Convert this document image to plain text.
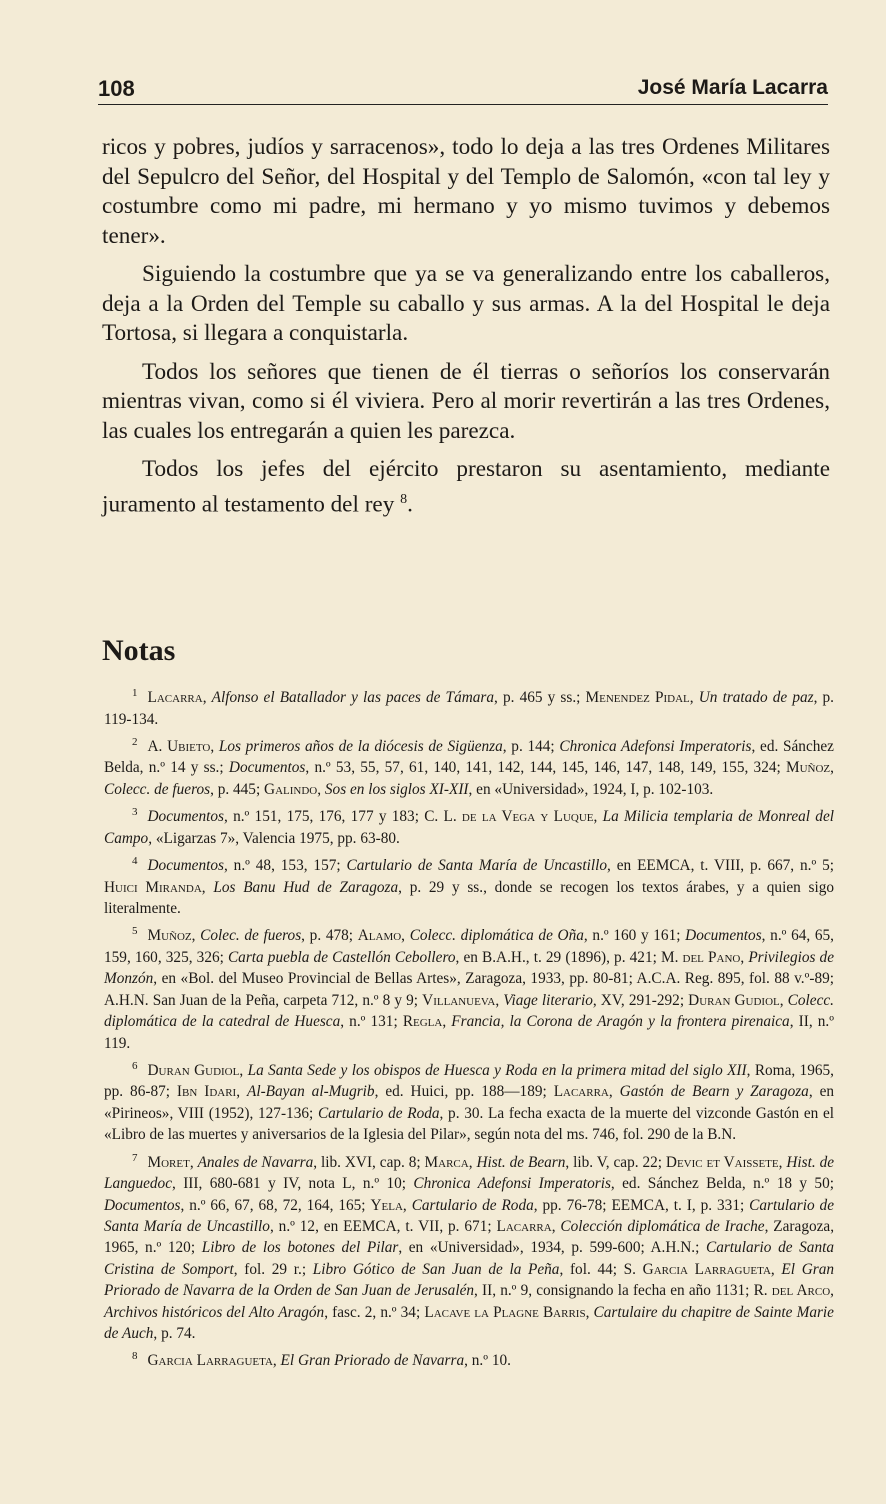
108	José María Lacarra

ricos y pobres, judíos y sarracenos», todo lo deja a las tres Ordenes Militares del Sepulcro del Señor, del Hospital y del Templo de Salomón, «con tal ley y costumbre como mi padre, mi hermano y yo mismo tuvimos y debemos tener».

Siguiendo la costumbre que ya se va generalizando entre los caballeros, deja a la Orden del Temple su caballo y sus armas. A la del Hospital le deja Tortosa, si llegara a conquistarla.

Todos los señores que tienen de él tierras o señoríos los conservarán mientras vivan, como si él viviera. Pero al morir revertirán a las tres Ordenes, las cuales los entregarán a quien les parezca.

Todos los jefes del ejército prestaron su asentamiento, mediante juramento al testamento del rey $^8$.

Notas

$^1$ Lacarra, Alfonso el Batallador y las paces de Támara, p. 465 y ss.; Menendez Pidal, Un tratado de paz, p. 119-134.

$^2$ A. Ubieto, Los primeros años de la diócesis de Sigüenza, p. 144; Chronica Adefonsi Imperatoris, ed. Sánchez Belda, n.º 14 y ss.; Documentos, n.º 53, 55, 57, 61, 140, 141, 142, 144, 145, 146, 147, 148, 149, 155, 324; Muñoz, Colecc. de fueros, p. 445; Galindo, Sos en los siglos XI-XII, en «Universidad», 1924, I, p. 102-103.

$^3$ Documentos, n.º 151, 175, 176, 177 y 183; C. L. de la Vega y Luque, La Milicia templaria de Monreal del Campo, «Ligarzas 7», Valencia 1975, pp. 63-80.

$^4$ Documentos, n.º 48, 153, 157; Cartulario de Santa María de Uncastillo, en EEMCA, t. VIII, p. 667, n.º 5; Huici Miranda, Los Banu Hud de Zaragoza, p. 29 y ss., donde se recogen los textos árabes, y a quien sigo literalmente.

$^5$ Muñoz, Colec. de fueros, p. 478; Alamo, Colecc. diplomática de Oña, n.º 160 y 161; Documentos, n.º 64, 65, 159, 160, 325, 326; Carta puebla de Castellón Cebollero, en B.A.H., t. 29 (1896), p. 421; M. del Pano, Privilegios de Monzón, en «Bol. del Museo Provincial de Bellas Artes», Zaragoza, 1933, pp. 80-81; A.C.A. Reg. 895, fol. 88 v.º-89; A.H.N. San Juan de la Peña, carpeta 712, n.º 8 y 9; Villanueva, Viage literario, XV, 291-292; Duran Gudiol, Colecc. diplomática de la catedral de Huesca, n.º 131; Regla, Francia, la Corona de Aragón y la frontera pirenaica, II, n.º 119.

$^6$ Duran Gudiol, La Santa Sede y los obispos de Huesca y Roda en la primera mitad del siglo XII, Roma, 1965, pp. 86-87; Ibn Idari, Al-Bayan al-Mugrib, ed. Huici, pp. 188—189; Lacarra, Gastón de Bearn y Zaragoza, en «Pirineos», VIII (1952), 127-136; Cartulario de Roda, p. 30. La fecha exacta de la muerte del vizconde Gastón en el «Libro de las muertes y aniversarios de la Iglesia del Pilar», según nota del ms. 746, fol. 290 de la B.N.

$^7$ Moret, Anales de Navarra, lib. XVI, cap. 8; Marca, Hist. de Bearn, lib. V, cap. 22; Devic et Vaissete, Hist. de Languedoc, III, 680-681 y IV, nota L, n.º 10; Chronica Adefonsi Imperatoris, ed. Sánchez Belda, n.º 18 y 50; Documentos, n.º 66, 67, 68, 72, 164, 165; Yela, Cartulario de Roda, pp. 76-78; EEMCA, t. I, p. 331; Cartulario de Santa María de Uncastillo, n.º 12, en EEMCA, t. VII, p. 671; Lacarra, Colección diplomática de Irache, Zaragoza, 1965, n.º 120; Libro de los botones del Pilar, en «Universidad», 1934, p. 599-600; A.H.N.; Cartulario de Santa Cristina de Somport, fol. 29 r.; Libro Gótico de San Juan de la Peña, fol. 44; S. Garcia Larragueta, El Gran Priorado de Navarra de la Orden de San Juan de Jerusalén, II, n.º 9, consignando la fecha en año 1131; R. del Arco, Archivos históricos del Alto Aragón, fasc. 2, n.º 34; Lacave la Plagne Barris, Cartulaire du chapitre de Sainte Marie de Auch, p. 74.

$^8$ Garcia Larragueta, El Gran Priorado de Navarra, n.º 10.
